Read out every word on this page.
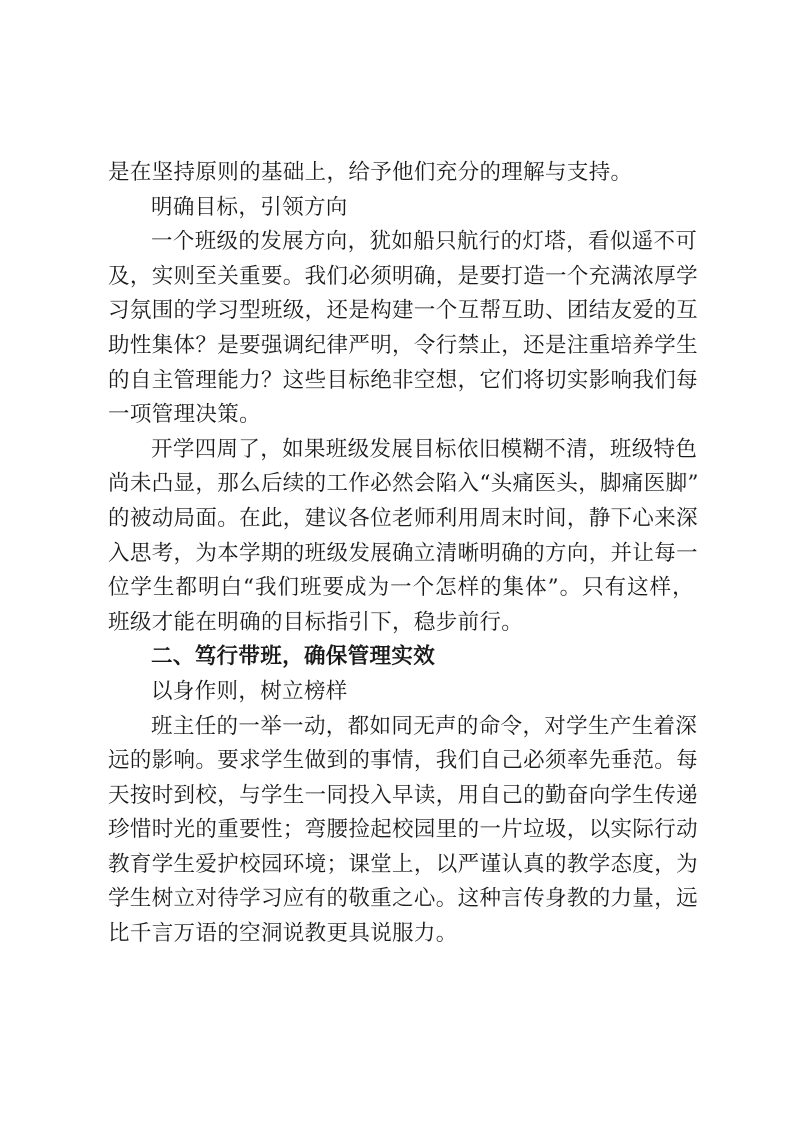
是在坚持原则的基础上，给予他们充分的理解与支持。
明确目标，引领方向
一个班级的发展方向，犹如船只航行的灯塔，看似遥不可
及，实则至关重要。我们必须明确，是要打造一个充满浓厚学
习氛围的学习型班级，还是构建一个互帮互助、团结友爱的互
助性集体？是要强调纪律严明，令行禁止，还是注重培养学生
的自主管理能力？这些目标绝非空想，它们将切实影响我们每
一项管理决策。
开学四周了，如果班级发展目标依旧模糊不清，班级特色
尚未凸显，那么后续的工作必然会陷入“头痛医头，脚痛医脚”
的被动局面。在此，建议各位老师利用周末时间，静下心来深
入思考，为本学期的班级发展确立清晰明确的方向，并让每一
位学生都明白“我们班要成为一个怎样的集体”。只有这样，
班级才能在明确的目标指引下，稳步前行。
二、笃行带班，确保管理实效
以身作则，树立榜样
班主任的一举一动，都如同无声的命令，对学生产生着深
远的影响。要求学生做到的事情，我们自己必须率先垂范。每
天按时到校，与学生一同投入早读，用自己的勤奋向学生传递
珍惜时光的重要性；弯腰捡起校园里的一片垃圾，以实际行动
教育学生爱护校园环境；课堂上，以严谨认真的教学态度，为
学生树立对待学习应有的敬重之心。这种言传身教的力量，远
比千言万语的空洞说教更具说服力。
